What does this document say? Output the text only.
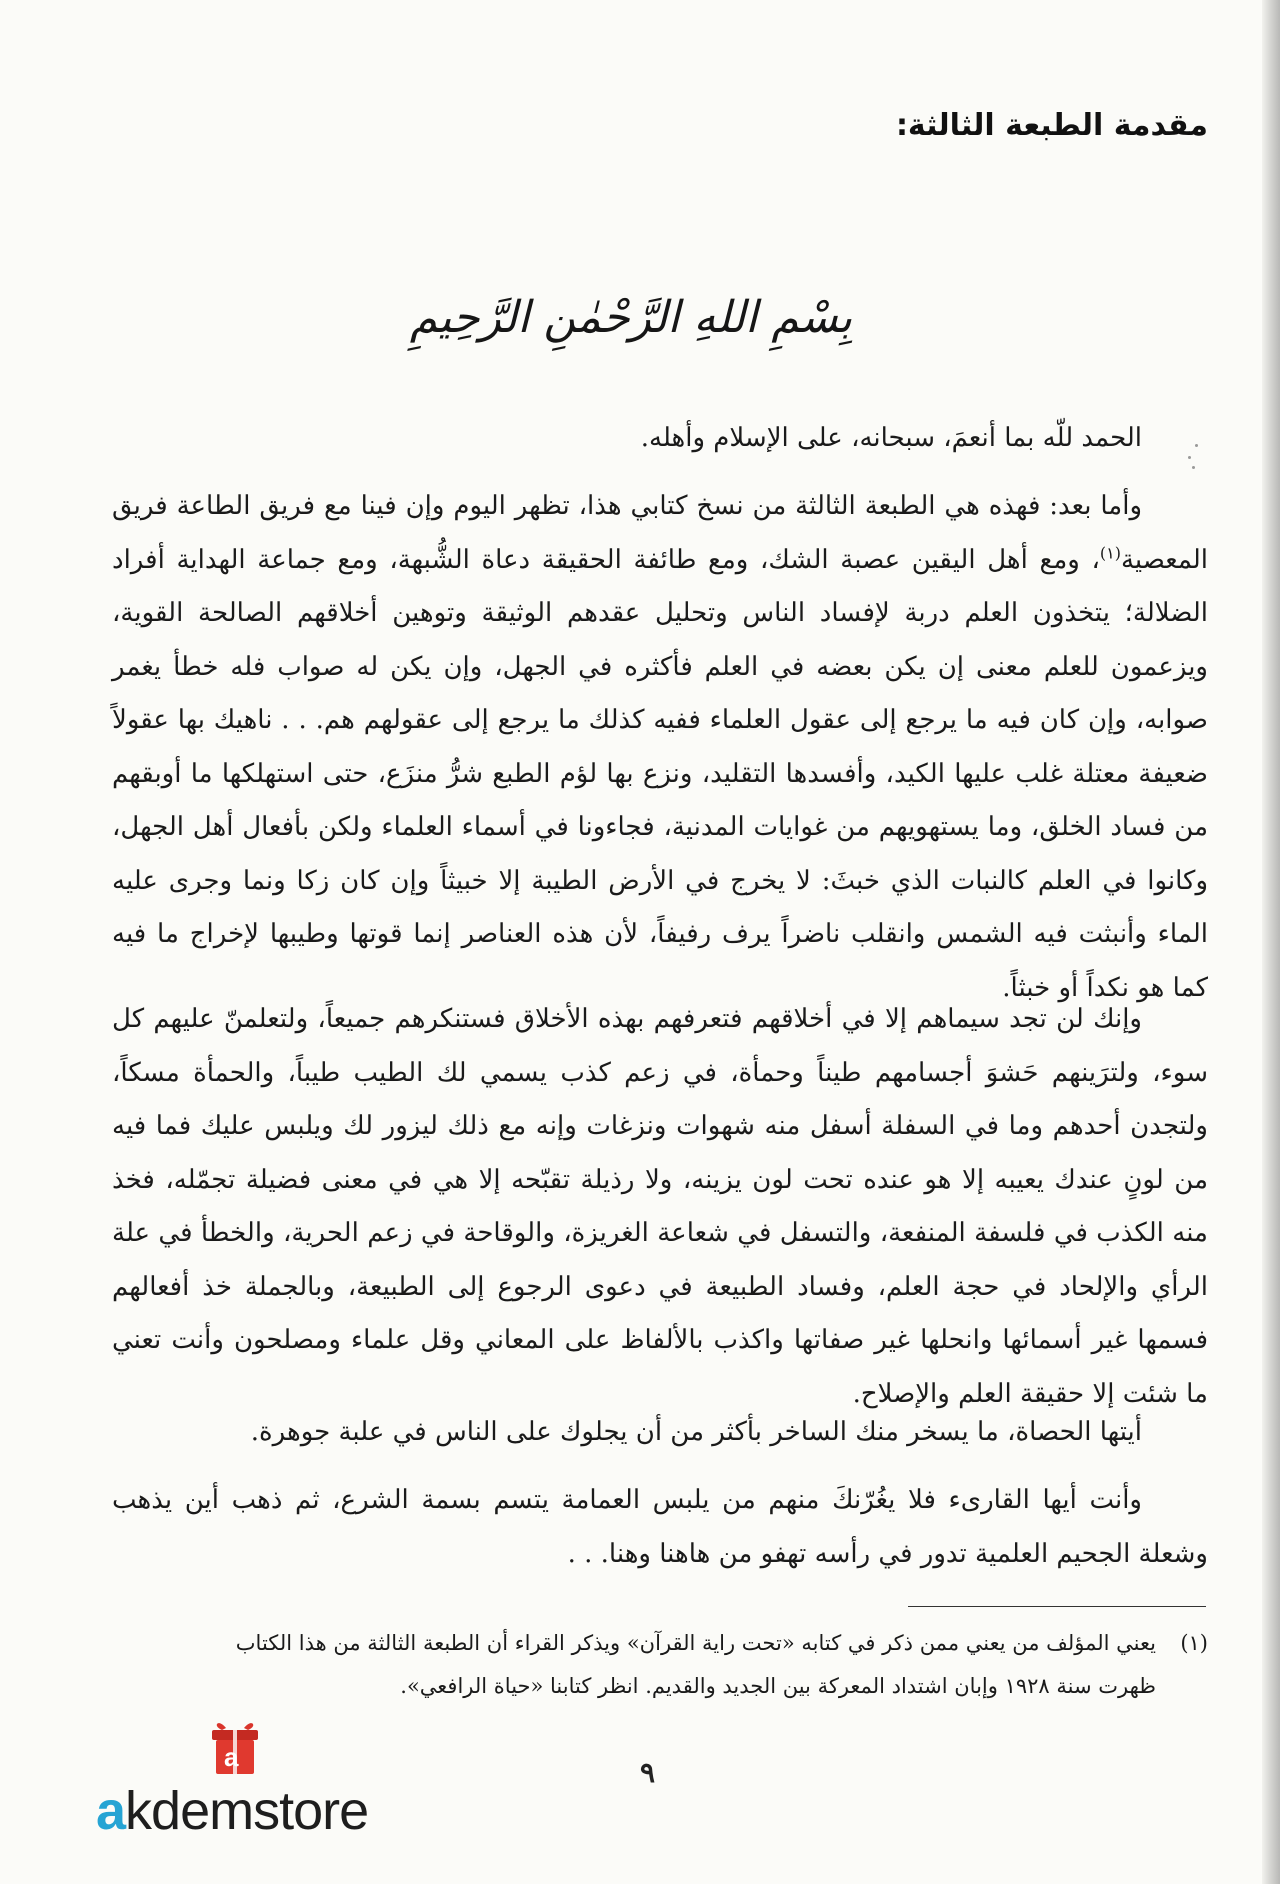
مقدمة الطبعة الثالثة:
بِسْمِ اللهِ الرَّحْمٰنِ الرَّحِيمِ

الحمد للّه بما أنعمَ، سبحانه، على الإسلام وأهله.

وأما بعد: فهذه هي الطبعة الثالثة من نسخ كتابي هذا، تظهر اليوم وإن فينا مع فريق الطاعة فريق المعصية$^{(١)}$، ومع أهل اليقين عصبة الشك، ومع طائفة الحقيقة دعاة الشُّبهة، ومع جماعة الهداية أفراد الضلالة؛ يتخذون العلم دربة لإفساد الناس وتحليل عقدهم الوثيقة وتوهين أخلاقهم الصالحة القوية، ويزعمون للعلم معنى إن يكن بعضه في العلم فأكثره في الجهل، وإن يكن له صواب فله خطأ يغمر صوابه، وإن كان فيه ما يرجع إلى عقول العلماء ففيه كذلك ما يرجع إلى عقولهم هم. . . ناهيك بها عقولاً ضعيفة معتلة غلب عليها الكيد، وأفسدها التقليد، ونزع بها لؤم الطبع شرُّ منزَع، حتى استهلكها ما أوبقهم من فساد الخلق، وما يستهويهم من غوايات المدنية، فجاءونا في أسماء العلماء ولكن بأفعال أهل الجهل، وكانوا في العلم كالنبات الذي خبثَ: لا يخرج في الأرض الطيبة إلا خبيثاً وإن كان زكا ونما وجرى عليه الماء وأنبثت فيه الشمس وانقلب ناضراً يرف رفيفاً، لأن هذه العناصر إنما قوتها وطيبها لإخراج ما فيه كما هو نكداً أو خبثاً.

وإنك لن تجد سيماهم إلا في أخلاقهم فتعرفهم بهذه الأخلاق فستنكرهم جميعاً، ولتعلمنّ عليهم كل سوء، ولترَينهم حَشوَ أجسامهم طيناً وحمأة، في زعم كذب يسمي لك الطيب طيباً، والحمأة مسكاً، ولتجدن أحدهم وما في السفلة أسفل منه شهوات ونزغات وإنه مع ذلك ليزور لك ويلبس عليك فما فيه من لونٍ عندك يعيبه إلا هو عنده تحت لون يزينه، ولا رذيلة تقبّحه إلا هي في معنى فضيلة تجمّله، فخذ منه الكذب في فلسفة المنفعة، والتسفل في شعاعة الغريزة، والوقاحة في زعم الحرية، والخطأ في علة الرأي والإلحاد في حجة العلم، وفساد الطبيعة في دعوى الرجوع إلى الطبيعة، وبالجملة خذ أفعالهم فسمها غير أسمائها وانحلها غير صفاتها واكذب بالألفاظ على المعاني وقل علماء ومصلحون وأنت تعني ما شئت إلا حقيقة العلم والإصلاح.

أيتها الحصاة، ما يسخر منك الساخر بأكثر من أن يجلوك على الناس في علبة جوهرة.

وأنت أيها القارىء فلا يغُرّنكَ منهم من يلبس العمامة يتسم بسمة الشرع، ثم ذهب أين يذهب وشعلة الجحيم العلمية تدور في رأسه تهفو من هاهنا وهنا. . .

(١)يعني المؤلف من يعني ممن ذكر في كتابه «تحت راية القرآن» ويذكر القراء أن الطبعة الثالثة من هذا الكتاب
ظهرت سنة ١٩٢٨ وإبان اشتداد المعركة بين الجديد والقديم. انظر كتابنا «حياة الرافعي».
٩
a
akdemstore
